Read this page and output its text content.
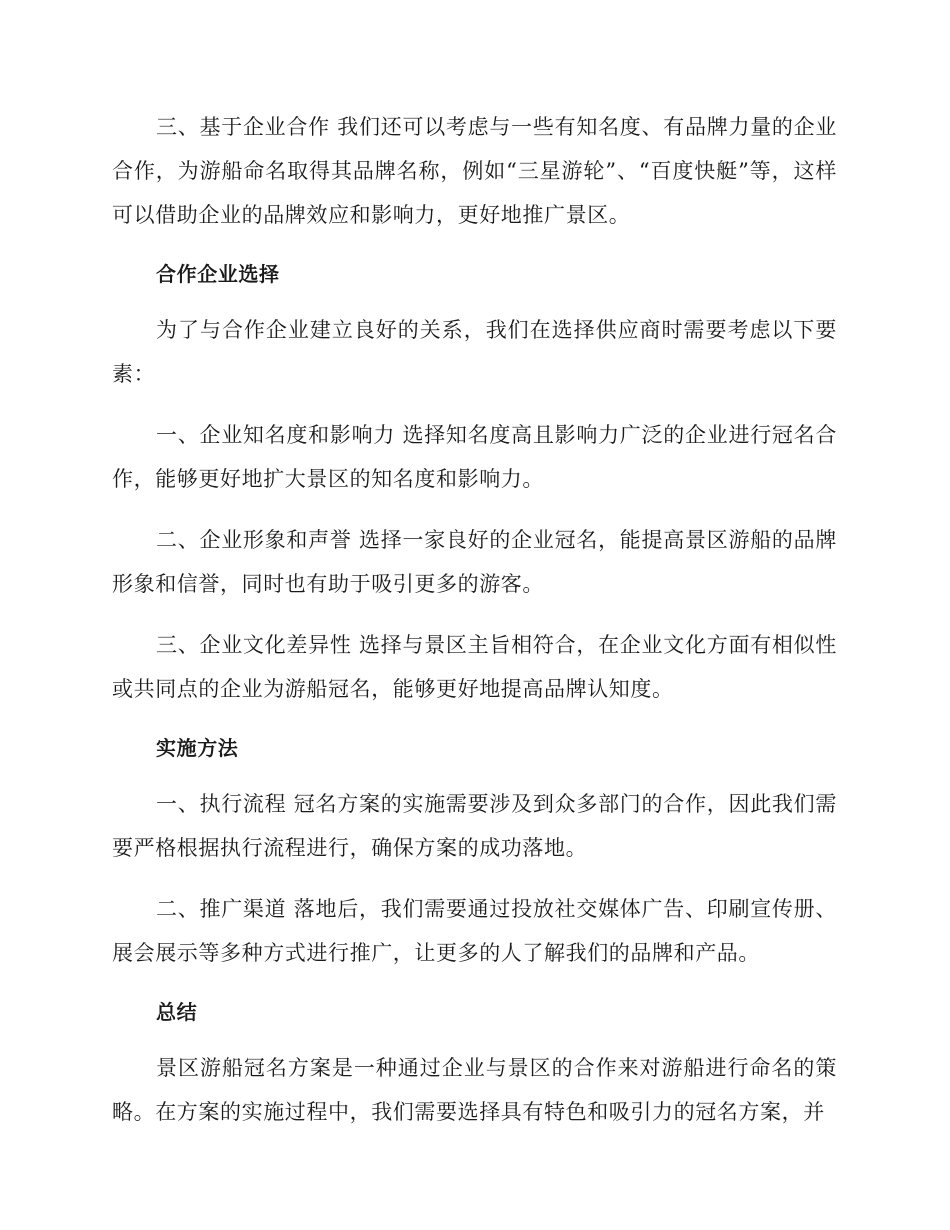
三、基于企业合作 我们还可以考虑与一些有知名度、有品牌力量的企业合作，为游船命名取得其品牌名称，例如“三星游轮”、“百度快艇”等，这样可以借助企业的品牌效应和影响力，更好地推广景区。

合作企业选择

为了与合作企业建立良好的关系，我们在选择供应商时需要考虑以下要素：

一、企业知名度和影响力 选择知名度高且影响力广泛的企业进行冠名合作，能够更好地扩大景区的知名度和影响力。

二、企业形象和声誉 选择一家良好的企业冠名，能提高景区游船的品牌形象和信誉，同时也有助于吸引更多的游客。

三、企业文化差异性 选择与景区主旨相符合，在企业文化方面有相似性或共同点的企业为游船冠名，能够更好地提高品牌认知度。

实施方法

一、执行流程 冠名方案的实施需要涉及到众多部门的合作，因此我们需要严格根据执行流程进行，确保方案的成功落地。

二、推广渠道 落地后，我们需要通过投放社交媒体广告、印刷宣传册、展会展示等多种方式进行推广，让更多的人了解我们的品牌和产品。

总结

景区游船冠名方案是一种通过企业与景区的合作来对游船进行命名的策略。在方案的实施过程中，我们需要选择具有特色和吸引力的冠名方案，并
